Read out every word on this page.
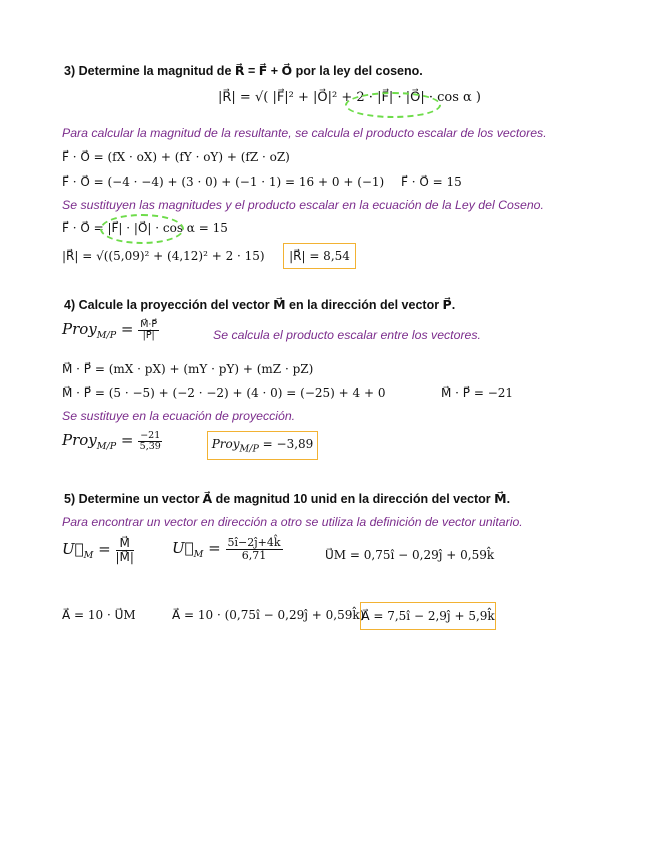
3) Determine la magnitud de R⃗ = F⃗ + O⃗ por la ley del coseno.
|R⃗| = √( |F⃗|² + |O⃗|² + 2 · |F⃗| · |O⃗| · cos α )
Para calcular la magnitud de la resultante, se calcula el producto escalar de los vectores.
F⃗ · O⃗ = (fX · oX) + (fY · oY) + (fZ · oZ)
F⃗ · O⃗ = (−4 · −4) + (3 · 0) + (−1 · 1) = 16 + 0 + (−1) F⃗ · O⃗ = 15
Se sustituyen las magnitudes y el producto escalar en la ecuación de la Ley del Coseno.
F⃗ · O⃗ = |F⃗| · |O⃗| · cos α = 15
|R⃗| = √((5,09)² + (4,12)² + 2 · 15) |R⃗| = 8,54
4) Calcule la proyección del vector M⃗ en la dirección del vector P⃗.
Proy$_{M/P}$ = $\frac{M⃗\cdot P⃗}{|P⃗|}$	Se calcula el producto escalar entre los vectores.
M⃗ · P⃗ = (mX · pX) + (mY · pY) + (mZ · pZ)
M⃗ · P⃗ = (5 · −5) + (−2 · −2) + (4 · 0) = (−25) + 4 + 0	M⃗ · P⃗ = −21
Se sustituye en la ecuación de proyección.
Proy$_{M/P}$ = $\frac{-21}{5,39}$	Proy$_{M/P}$ = −3,89
5) Determine un vector A⃗ de magnitud 10 unid en la dirección del vector M⃗.
Para encontrar un vector en dirección a otro se utiliza la definición de vector unitario.
$U⃗_M = \frac{M⃗}{|M⃗|}$	$U⃗_M = \frac{5î-2ĵ+4k̂}{6,71}$	U⃗M = 0,75î − 0,29ĵ + 0,59k̂
A⃗ = 10 · U⃗M	A⃗ = 10 · (0,75î − 0,29ĵ + 0,59k̂)
A⃗ = 7,5î − 2,9ĵ + 5,9k̂
